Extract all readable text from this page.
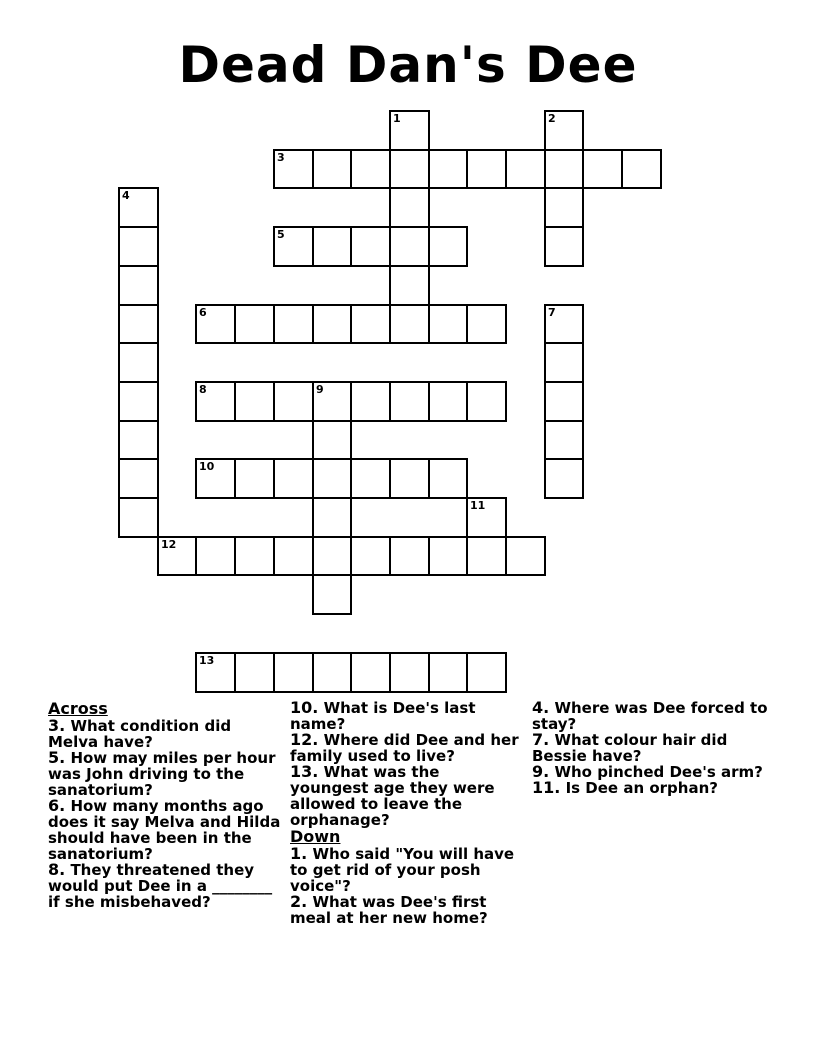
Dead Dan's Dee
1	2
3
4
5
6	7
8	9
10
11
12
13
Across

3. What condition did Melva have?

5. How may miles per hour was John driving to the sanatorium?

6. How many months ago does it say Melva and Hilda should have been in the sanatorium?

8. They threatened they would put Dee in a ________ if she misbehaved?

10. What is Dee's last name?

12. Where did Dee and her family used to live?

13. What was the youngest age they were allowed to leave the orphanage?

Down

1. Who said "You will have to get rid of your posh voice"?

2. What was Dee's first meal at her new home?

4. Where was Dee forced to stay?

7. What colour hair did Bessie have?

9. Who pinched Dee's arm?

11. Is Dee an orphan?
